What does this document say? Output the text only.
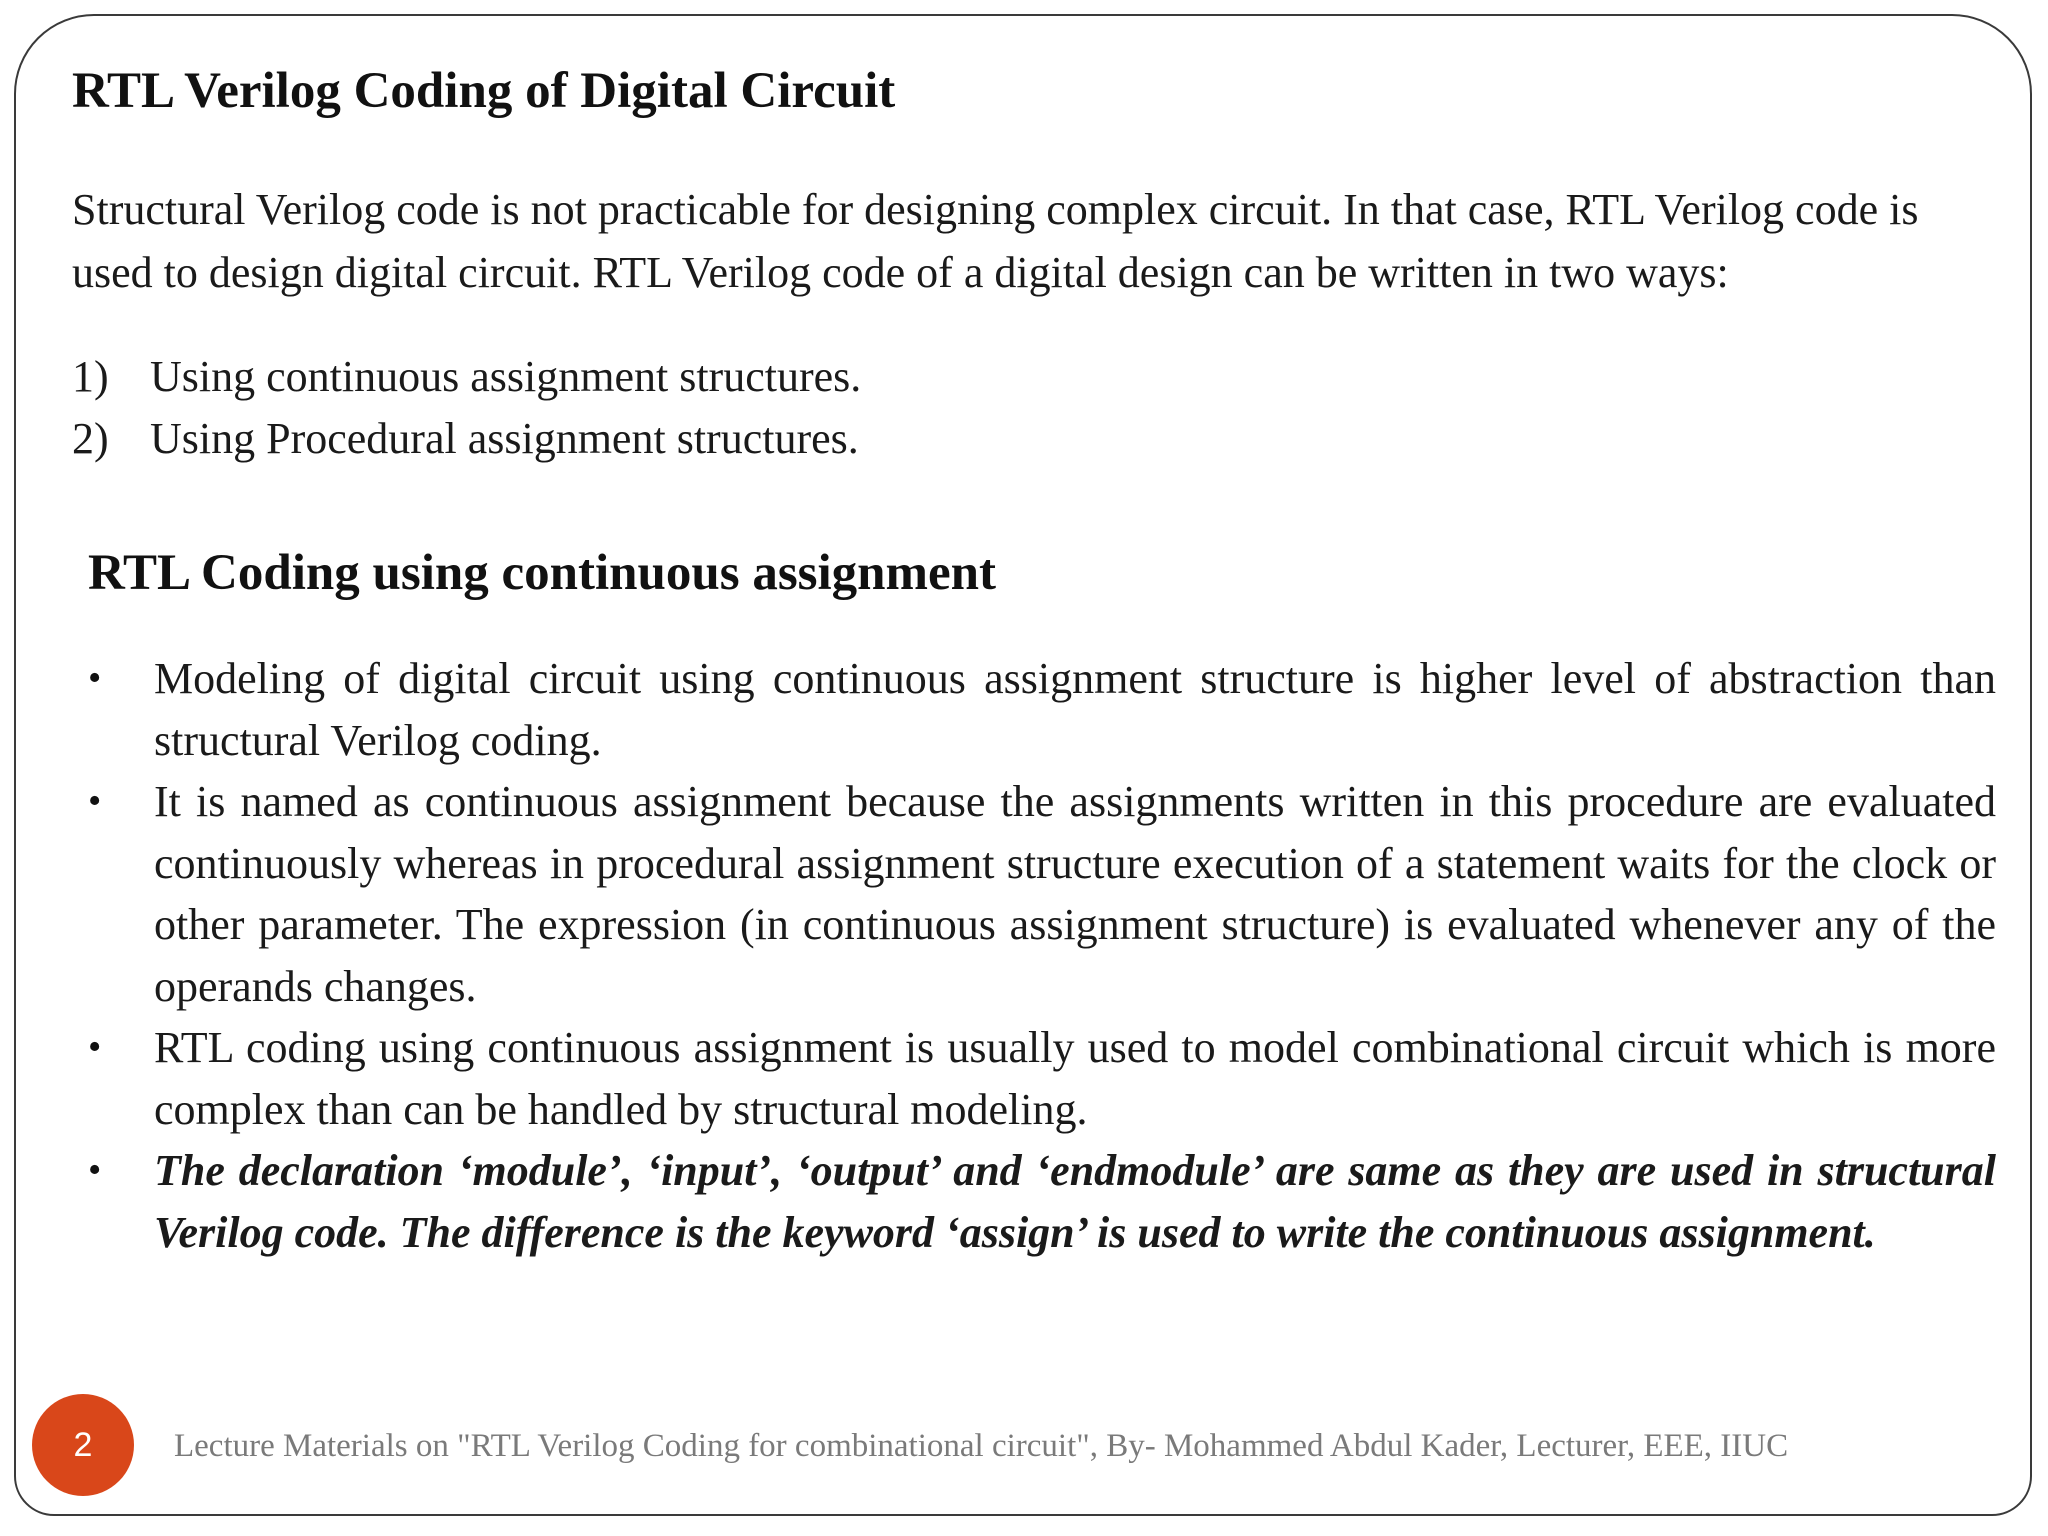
RTL Verilog Coding of Digital Circuit

Structural Verilog code is not practicable for designing complex circuit. In that case, RTL Verilog code is used to design digital circuit. RTL Verilog code of a digital design can be written in two ways:

1) Using continuous assignment structures.
2) Using Procedural assignment structures.
RTL Coding using continuous assignment
•	Modeling of digital circuit using continuous assignment structure is higher level of abstraction than structural Verilog coding.
•	It is named as continuous assignment because the assignments written in this procedure are evaluated continuously whereas in procedural assignment structure execution of a statement waits for the clock or other parameter. The expression (in continuous assignment structure) is evaluated whenever any of the operands changes.
•	RTL coding using continuous assignment is usually used to model combinational circuit which is more complex than can be handled by structural modeling.
•	The declaration ‘module’, ‘input’, ‘output’ and ‘endmodule’ are same as they are used in structural Verilog code. The difference is the keyword ‘assign’ is used to write the continuous assignment.
2 Lecture Materials on "RTL Verilog Coding for combinational circuit", By- Mohammed Abdul Kader, Lecturer, EEE, IIUC
